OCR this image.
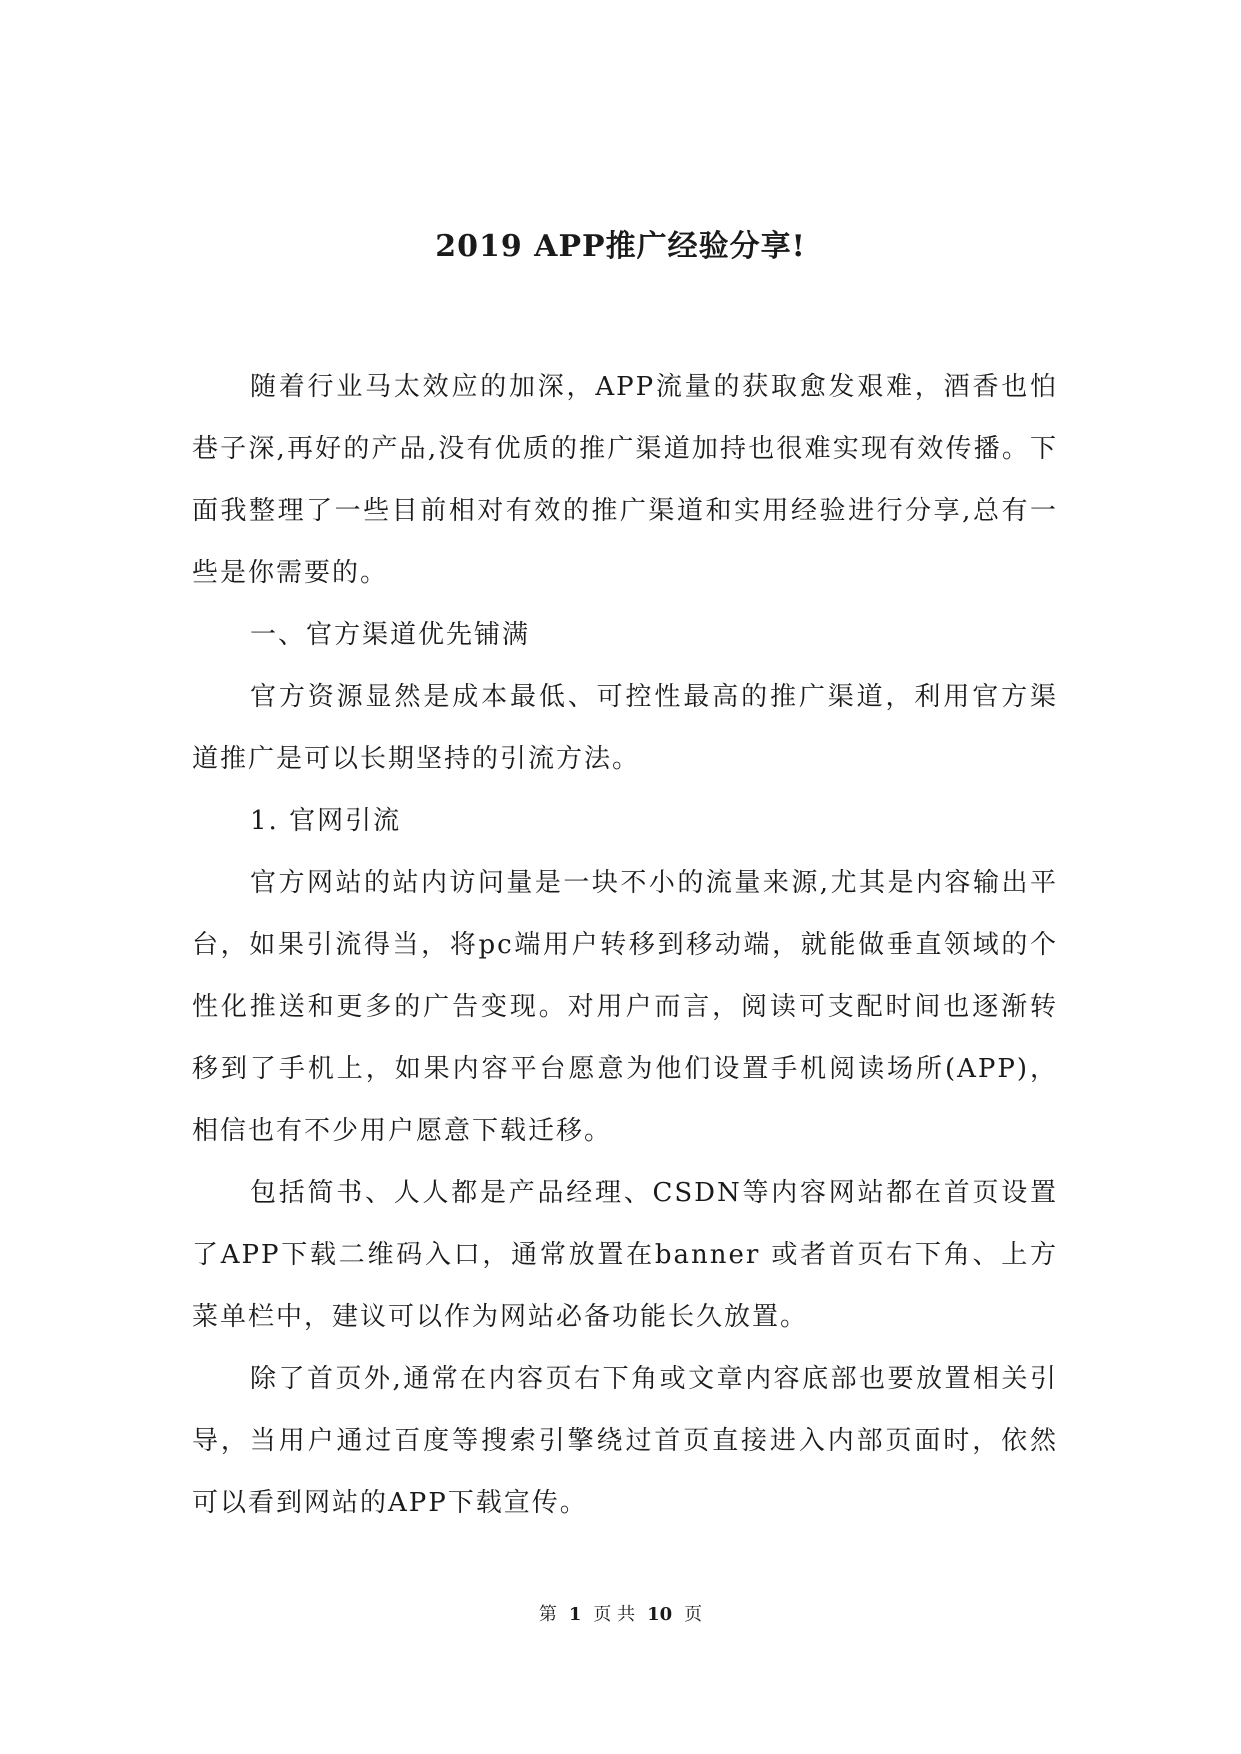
2019 APP推广经验分享!

随着行业马太效应的加深，APP流量的获取愈发艰难，酒香也怕巷子深,再好的产品,没有优质的推广渠道加持也很难实现有效传播。下面我整理了一些目前相对有效的推广渠道和实用经验进行分享,总有一些是你需要的。

一、官方渠道优先铺满

官方资源显然是成本最低、可控性最高的推广渠道，利用官方渠道推广是可以长期坚持的引流方法。

1. 官网引流

官方网站的站内访问量是一块不小的流量来源,尤其是内容输出平台，如果引流得当，将pc端用户转移到移动端，就能做垂直领域的个性化推送和更多的广告变现。对用户而言，阅读可支配时间也逐渐转移到了手机上，如果内容平台愿意为他们设置手机阅读场所(APP)，相信也有不少用户愿意下载迁移。

包括简书、人人都是产品经理、CSDN等内容网站都在首页设置了APP下载二维码入口，通常放置在banner 或者首页右下角、上方菜单栏中，建议可以作为网站必备功能长久放置。

除了首页外,通常在内容页右下角或文章内容底部也要放置相关引导，当用户通过百度等搜索引擎绕过首页直接进入内部页面时，依然可以看到网站的APP下载宣传。

第 1 页 共 10 页
